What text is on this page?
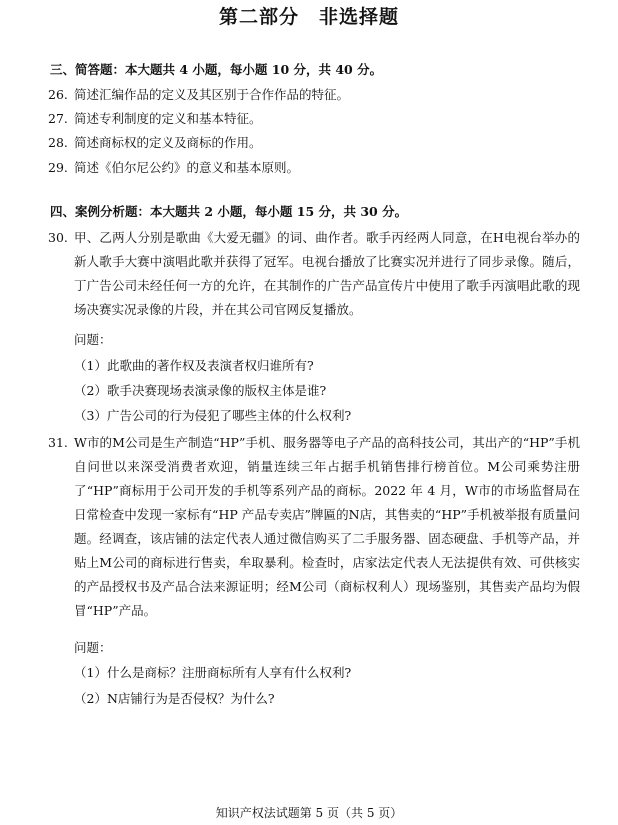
第二部分　非选择题
三、简答题：本大题共 4 小题，每小题 10 分，共 40 分。
26. 简述汇编作品的定义及其区别于合作作品的特征。
27. 简述专利制度的定义和基本特征。
28. 简述商标权的定义及商标的作用。
29. 简述《伯尔尼公约》的意义和基本原则。
四、案例分析题：本大题共 2 小题，每小题 15 分，共 30 分。
30. 甲、乙两人分别是歌曲《大爱无疆》的词、曲作者。歌手丙经两人同意，在H电视台举办的新人歌手大赛中演唱此歌并获得了冠军。电视台播放了比赛实况并进行了同步录像。随后，丁广告公司未经任何一方的允许，在其制作的广告产品宣传片中使用了歌手丙演唱此歌的现场决赛实况录像的片段，并在其公司官网反复播放。
问题：
（1）此歌曲的著作权及表演者权归谁所有?
（2）歌手决赛现场表演录像的版权主体是谁?
（3）广告公司的行为侵犯了哪些主体的什么权利?
31. W市的M公司是生产制造“HP”手机、服务器等电子产品的高科技公司，其出产的“HP”手机自问世以来深受消费者欢迎，销量连续三年占据手机销售排行榜首位。M公司乘势注册了“HP”商标用于公司开发的手机等系列产品的商标。2022 年 4 月，W市的市场监督局在日常检查中发现一家标有“HP 产品专卖店”牌匾的N店，其售卖的“HP”手机被举报有质量问题。经调查，该店铺的法定代表人通过微信购买了二手服务器、固态硬盘、手机等产品，并贴上M公司的商标进行售卖，牟取暴利。检查时，店家法定代表人无法提供有效、可供核实的产品授权书及产品合法来源证明；经M公司（商标权利人）现场鉴别，其售卖产品均为假冒“HP”产品。
问题：
（1）什么是商标？注册商标所有人享有什么权利?
（2）N店铺行为是否侵权？为什么?
知识产权法试题第 5 页（共 5 页）
